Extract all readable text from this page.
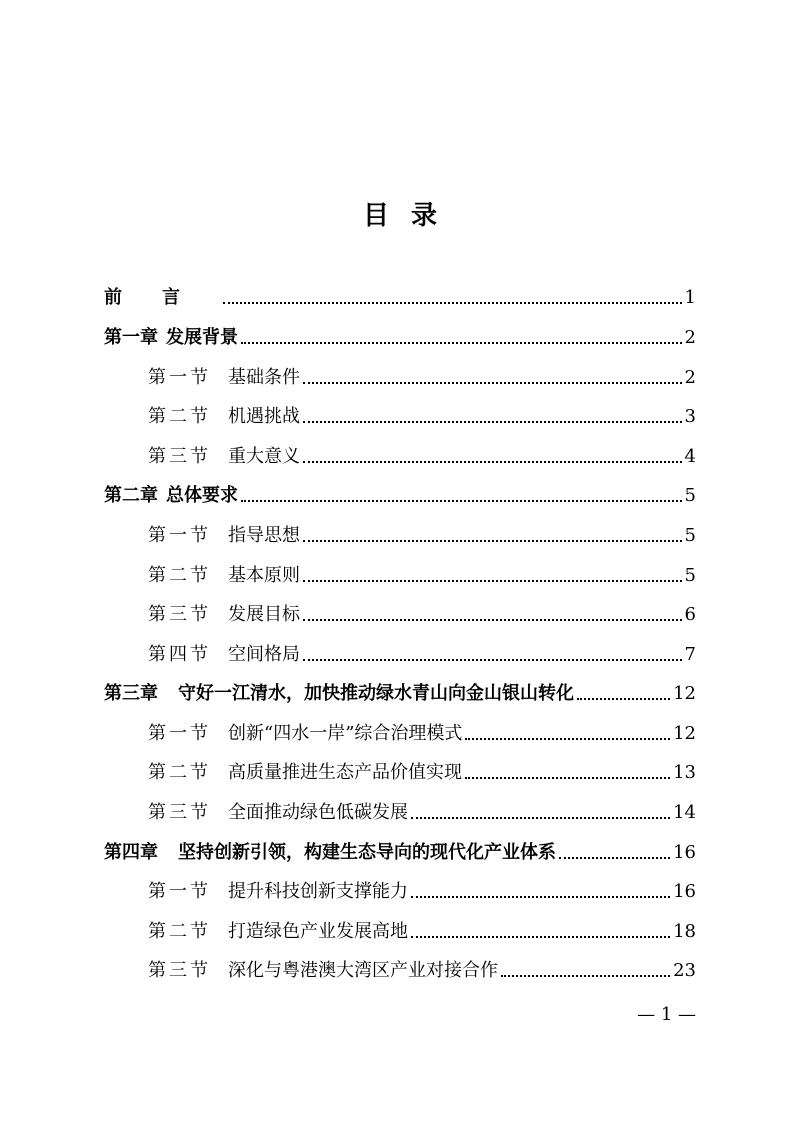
目录
前言	1
第一章 发展背景	2
第一节 基础条件	2
第二节 机遇挑战	3
第三节 重大意义	4
第二章 总体要求	5
第一节 指导思想	5
第二节 基本原则	5
第三节 发展目标	6
第四节 空间格局	7
第三章 守好一江清水，加快推动绿水青山向金山银山转化	12
第一节 创新“四水一岸”综合治理模式	12
第二节 高质量推进生态产品价值实现	13
第三节 全面推动绿色低碳发展	14
第四章 坚持创新引领，构建生态导向的现代化产业体系	16
第一节 提升科技创新支撑能力	16
第二节 打造绿色产业发展高地	18
第三节 深化与粤港澳大湾区产业对接合作	23
— 1 —
